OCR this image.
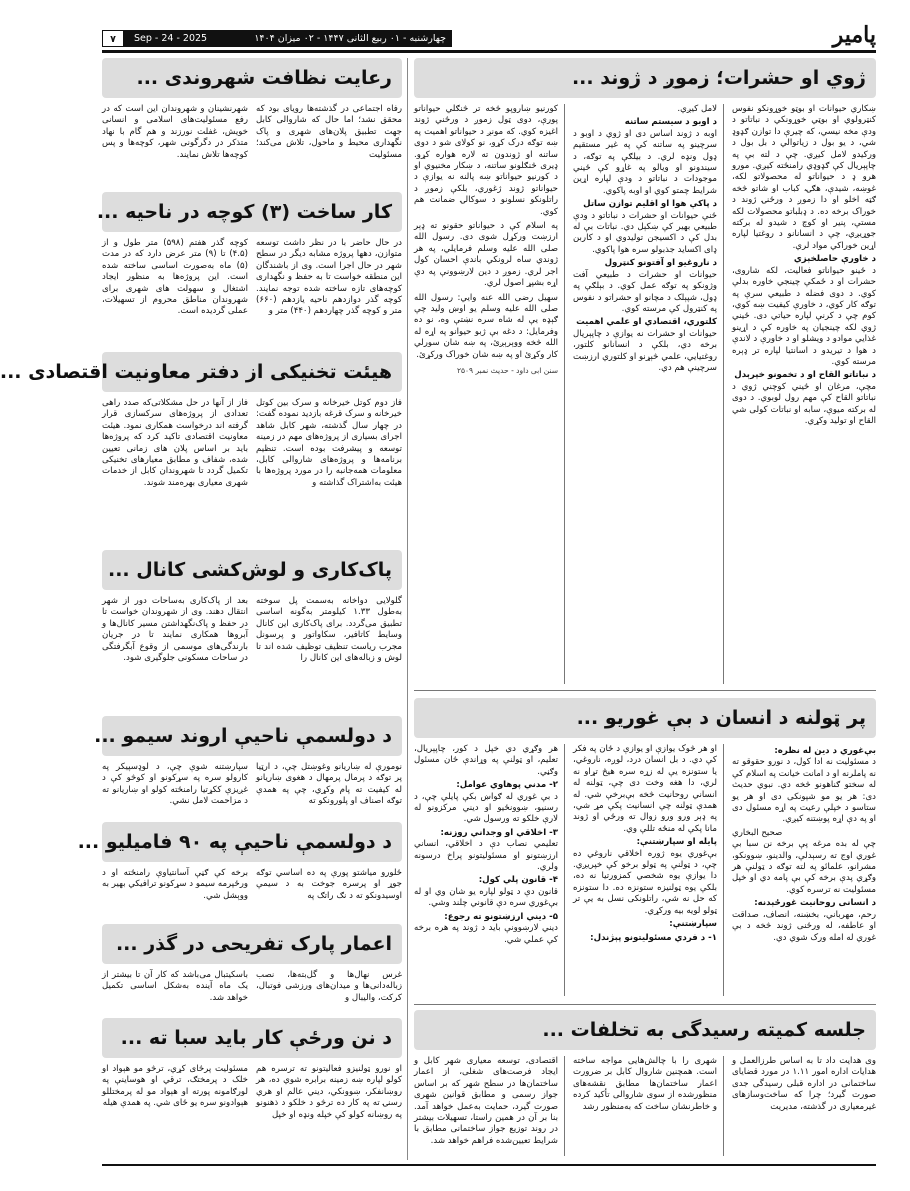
پامیر
چهارشنبه - ۰۱ ربیع الثانی ۱۴۴۷ - ۰۲ میزان ۱۴۰۴
Sep - 24 - 2025
۷
ژوي او حشرات؛ زموږ د ژوند ...
ښکاري حیوانات او بوټو خوړونکو نفوس کنټرولوي او بوټي خوړونکي د نباتاتو د ودې مخه نیسي، که چیرې دا توازن ګډوډ شي، د یو بول د زیاتوالي د بل بول د ورکیدو لامل کیږي. چې د لته بې په چاپېریال کې ګډوډي رامنځته کیږي. مورو هرو ډ د حیواناتو له محصولاتو لکه، غوښه، شیدې، هګۍ، کباب او شاتو څخه ګټه اخلو او دا زموږ د ورځنۍ ژوند د خوراک برخه ده. د ډبلباتو محصولات لکه مستې، پنیر او کوچ د شیدو له برکته جوړیږي، چې د انسانانو د روغتیا لپاره اړین خوراکي مواد لري.
د خاورې حاصلخېزي
د ځینو حیواناتو فعالیت، لکه شاروی، حشرات او د ځمکې چینجي خاوره بدلې کوي. د دوی فضله د طبیعي سرې په توګه کار کوي، د خاورې کیفیت ښه کوي، کوم چې د کرنې لپاره حیاتي دی. ځیني ژوي لکه چینجیان په خاوره کې د اړینو غذایي موادو د ویشلو او د خاورې د لاندې د هوا د تیریدو د اسانتیا لپاره تر ډېره مرسته کوي.
د نباتاتو القاح او د تخمونو خپرېدل
مچې، مرغان او ځیني کوچني ژوي د نباتاتو القاح کې مهم رول لوبوي. د دوی له برکته میوې، سابه او نباتات کولی شي القاح او تولید وکړي.
لامل کیږي.
د اوبو د سیستم ساتنه
اوبه د ژوند اساس دی او ژوي د اوبو د سرچینو په ساتنه کې په غیر مستقیم ډول ونډه لري. د بیلګې په توګه، د سیندونو او ویالو په غاړو کې ځیني موجودات د نباتاتو د ودې لپاره اړین شرایط چمتو کوي او اوبه پاکوي.
د پاکې هوا او اقلیم توازن ساتل
ځنې حیوانات او حشرات د نباتاتو د ودې طبیعي بهیر کې ښکېل دي. نباتات بې له بدل کې د اکسیجن تولیدوي او د کاربن ډای اکساید جذبولو سره هوا پاکوي.
د ناروغیو او آفتونو کنټرول
حیوانات او حشرات د طبیعي آفت وژونکو په توګه عمل کوي. د بېلګې په ډول، شپېلک د مچانو او حشراتو د نفوس په کنټرول کې مرسته کوي.
کلتوري، اقتصادي او علمي اهمیت
حیوانات او حشرات نه یوازې د چاپېریال برخه دي، بلکې د انسانانو کلتور، روغتیایي، علمي څېړنو او کلتوري ارزښت سرچینې هم دي.
کورنیو ښاروپو څخه تر څنګلي حیواناتو پورې، دوی ټول زموږ د ورځني ژوند اغیزه کوي. که مونږ د حیواناتو اهمیت په ښه توګه درک کړو، نو کولای شو د دوی ساتنه او ژوندون ته لاره هواره کړو. ډیری څنګلونو ساتنه، د ښکار مخنیوي او د کورنیو حیواناتو ښه پالنه نه یوازې د حیواناتو ژوند ژغوري، بلکې زموږ د راتلونکو نسلونو د سوکالۍ ضمانت هم کوي.
په اسلام کې د حیواناتو حقونو ته ډېر ارزښت ورکړل شوی دی. رسول الله صلی الله علیه وسلم فرمایلي، په هر ژوندي ساه لرونکي باندې احسان کول اجر لري. زموږ د دین لارښوونې په دې اړه بشپړ اصول لري.
سهیل رضی الله عنه وایي: رسول الله صلی الله علیه وسلم یو اوښ وليد چې ګېډه یې له شاه سره نښتې وه، نو ده وفرمایل: د دغه بې ژبو حیوانو په اړه له الله څخه ووېرېږئ، په ښه شان سورلي کار وکړئ او په ښه شان خوراک ورکړئ.
سنن ابی داود - حدیث نمبر ۲۵۰۹
پر ټولنه د انسان د بې غوریو ...
بې‌غوري د دین له نظره:
د مسئولیت نه ادا کول، د نورو حقوقو ته نه پاملرنه او د امانت خیانت په اسلام کې له سختو ګناهونو څخه دي. نبوي حدیث دی: هر یو مو شپونکی دی او هر یو ستاسو د خپلې رعیت په اړه مسئول دی او په دې اړه پوښتنه کیږي.
صحیح البخاري
چې له بده مرغه پې برخه نن سبا بې غوري اوج ته رسېدلې، والدینو، ښوونکو، مشرانو، علمائو په لته توګه د ټولنې هر وګړي پدې برخه کې بې پامه دي او خپل مسئولیت نه ترسره کوي.
د انسانی روحانیت غورځېدنه:
رحم، مهرباني، بخښنه، انصاف، صداقت او عاطفه، له ورځنی ژوند څخه د بې غوري له امله ورک شوي دي.
او هر څوک یوازې او یوازې د ځان په فکر کې دي. د بل انسان درد، لوږه، ناروغي، یا ستونزه یې له زړه سره هیڅ تړاو نه لري، دا هغه وخت دی چې، ټولنه له انساني روحانیت څخه بې‌برخې شي. له همدې ټولنه چې انسانیت پکې مړ شي، په ډېر ورو ورو زوال ته ورځي او ژوند مانا پکې له منځه تللې وي.
پایله او سپارښتنې:
بې‌غوري یوه ژوره اخلاقي ناروغي ده چې، د ټولنې په ټولو برخو کې خپریږي. دا یوازې یوه شخصي کمزورتیا نه ده، بلکې یوه ټولنیزه ستونزه ده. دا ستونزه که حل نه شي، راتلونکی نسل به یې تر ټولو لویه بیه ورکړي.
سپارښتنې:
۱- د فردي مسئولیتونو پېژندل:
هر وګړي دي خپل د کور، چاپېریال، تعلیم، او ټولنې په وړاندې ځان مسئول وګڼي.
۲- مدني پوهاوي عوامل:
د بې غوري له ګواښ بکې پایلې چې، د رسنیو، ښوونځیو او دیني مرکزونو له لارې خلکو ته ورسول شي.
۳- اخلاقي او وجداني روزنه:
تعلیمي نصاب دې د اخلاقي، انساني ارزښتونو او مسئولیتونو پراخ درسونه ولري.
۴- قانون پلي کول:
قانون دې د ټولو لپاره یو شان وي او له بې‌غوري سره دې قانوني چلند وشي.
۵- دیني ارزښتونو ته رجوع:
دیني لارښوونې باید د ژوند په هره برخه کې عملي شي.
جلسه کمیته رسیدگی به تخلفات ...
وی هدایت داد تا به اساس طرزالعمل و هدایات اداره امور ۱.۱۱ در مورد قضایای ساختمانی در اداره قبلی رسیدگی جدی صورت گیرد؛ چرا که ساخت‌وسازهای غیرمعیاری در گذشته، مدیریت
شهری را با چالش‌هایی مواجه ساخته است. همچنین شاروال کابل بر ضرورت اعمار ساختمان‌ها مطابق نقشه‌های منظورشده از سوی شاروالی تأکید کرده و خاطرنشان ساخت که به‌منظور رشد
اقتصادی، توسعه معیاری شهر کابل و ایجاد فرصت‌های شغلی، از اعمار ساختمان‌ها در سطح شهر که بر اساس جواز رسمی و مطابق قوانین شهری صورت گیرد، حمایت به‌عمل خواهد آمد. بنا بر آن در همین راستا، تسهیلات بیشتر در روند توزیع جواز ساختمانی مطابق با شرایط تعیین‌شده فراهم خواهد شد.
رعایت نظافت شهروندی ...
رفاه اجتماعی در گذشته‌ها رویای بود که محقق نشد؛ اما حال که شاروالی کابل جهت تطبیق پلان‌های شهری و پاک نگهداری محیط و ماحول، تلاش می‌کند؛ مسئولیت
شهرنشینان و شهروندان این است که در رفع مسئولیت‌های اسلامی و انسانی خویش، غفلت نورزند و هم گام با نهاد متذکر در دگرگونی شهر، کوچه‌ها و پس کوچه‌ها تلاش نمایند.
کار ساخت (۳) کوچه در ناحیه ...
در حال حاضر با در نظر داشت توسعه متوازن، دهها پروژه مشابه دیگر در سطح شهر در حال اجرا است. وی از باشندگان این منطقه خواست تا به حفظ و نگهداری کوچه‌های تازه ساخته شده توجه نمایند. کوچه گذر دوازدهم ناحیه یازدهم (۶۶۰) متر و کوچه گذر چهاردهم (۴۴۰) متر و
کوچه گذر هفتم (۵۹۸) متر طول و از (۴.۵) تا (۹) متر عرض دارد که در مدت (۵) ماه به‌صورت اساسی ساخته شده است. این پروژه‌ها به منظور ایجاد اشتغال و سهولت های شهری برای شهروندان مناطق محروم از تسهیلات، عملی گردیده است.
هیئت تخنیکی از دفتر معاونیت اقتصادی ...
فاز دوم کوتل خیرخانه و سرک بین کوتل خیرخانه و سرک قرغه بازدید نموده گفت: در چهار سال گذشته، شهر کابل شاهد اجرای بسیاری از پروژه‌های مهم در زمینه توسعه و پیشرفت بوده است. تنظیم برنامه‌ها و پروژه‌های شاروالی کابل، معلومات همه‌جانبه را در مورد پروژه‌ها با هیئت به‌اشتراک گذاشته و
فاز از آنها در حل مشکلاتی‌که صدد راهی تعدادی از پروژه‌های سرکسازی قرار گرفته اند درخواست همکاری نمود. هیئت معاونیت اقتصادی تاکید کرد که پروژه‌ها باید بر اساس پلان های زمانی تعیین شده، شفاف و مطابق معیارهای تخنیکی تکمیل گردد تا شهروندان کابل از خدمات شهری معیاری بهره‌مند شوند.
پاک‌کاری و لوش‌کشی کانال ...
گلولایی دواخانه به‌سمت پل سوخته به‌طول ۱.۳۳ کیلومتر به‌گونه اساسی تطبیق می‌گردد. برای پاک‌کاری این کانال وسایط کاتافیر، سکاواتور و پرسونل مجرب ریاست تنظیف توظیف شده اند تا لوش و زباله‌های این کانال را
بعد از پاک‌کاری به‌ساحات دور از شهر انتقال دهند. وی از شهروندان خواست تا در حفظ و پاک‌نگهداشتن مسیر کانال‌ها و آبروها همکاری نمایند تا در جریان بارندگی‌های موسمی از وقوع آبگرفتگی در ساحات مسکونی جلوگیری شود.
د دولسمې ناحیې اروند سیمو ...
نومورې له ښاریانو وغوښتل چې، د ارټیا پر توګه د پرمال پرمهال د هغوی ښاریانو له کیفیت ته پام وکړي، چې په همدې توګه اصناف او پلورونکو ته
سپارښتنه شوې چې، د لوډسپیکر په کارولو سره په سړکونو او کوڅو کې د غږیزې ککړتیا رامنځته کولو او ښاریانو ته د مزاحمت لامل نشي.
د دولسمې ناحیې په ۹۰ فامیلیو ...
ځلورو میاشتو پورې په ده اساسي توګه جوړ او پرسره جوخت به د سیمې اوسیدونکو ته د نګ راتګ په
برخه کې ګڼې آسانتیاوې رامنځته او د ورځپرمه سیمو د سړکونو ترافیکي بهیر به ووېشل شي.
اعمار پارک تفریحی در گذر ...
غرس نهال‌ها و گل‌بته‌ها، نصب زباله‌دانی‌ها و میدان‌های ورزشی فوتبال، کرکت، والیبال و
باسکیتبال می‌باشد که کار آن تا بیشتر از یک ماه آینده به‌شکل اساسی تکمیل خواهد شد.
د نن ورځې کار باید سبا ته ...
او نورو ټولنیزو فعالیتونو ته ترسره هم کولو لپاره ښه زمینه برابره شوي ده، هر روښانفکر، ښوونکي، دیني عالم او هري رسنۍ ته په کار ده ترڅو د خلکو د ذهنونو په روښانه کولو کې خپله ونډه او خپل
مسئولیت پرځای کړي، ترڅو مو هېواد او خلک د پرمختګ، ترقي او هوساینې په لورګامونه پورته او هېواد مو له پرمختللو هېوادونو سره یو ځای شي. په همدې هیله
